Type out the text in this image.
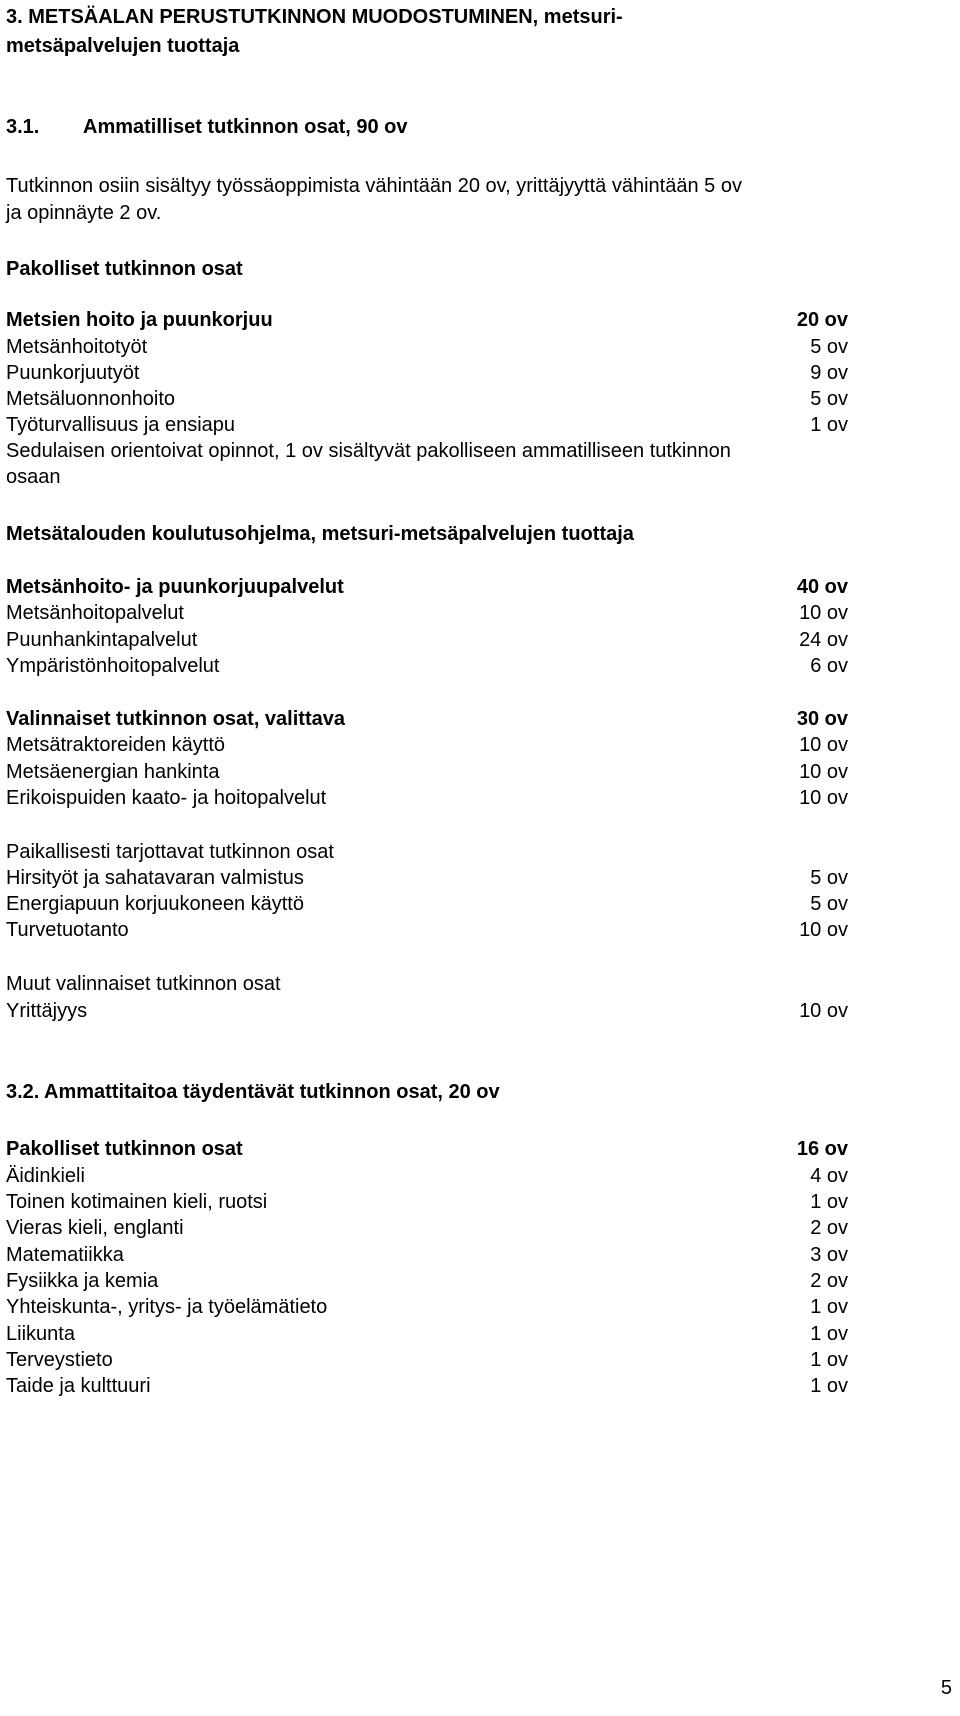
3. METSÄALAN PERUSTUTKINNON MUODOSTUMINEN, metsuri-
metsäpalvelujen tuottaja
3.1. Ammatilliset tutkinnon osat, 90 ov
Tutkinnon osiin sisältyy työssäoppimista vähintään 20 ov, yrittäjyyttä vähintään 5 ov
ja opinnäyte 2 ov.
Pakolliset tutkinnon osat
Metsien hoito ja puunkorjuu	20 ov
Metsänhoitotyöt	5 ov
Puunkorjuutyöt	9 ov
Metsäluonnonhoito	5 ov
Työturvallisuus ja ensiapu	1 ov
Sedulaisen orientoivat opinnot, 1 ov sisältyvät pakolliseen ammatilliseen tutkinnon
osaan
Metsätalouden koulutusohjelma, metsuri-metsäpalvelujen tuottaja
Metsänhoito- ja puunkorjuupalvelut	40 ov
Metsänhoitopalvelut	10 ov
Puunhankintapalvelut	24 ov
Ympäristönhoitopalvelut	6 ov
Valinnaiset tutkinnon osat, valittava	30 ov
Metsätraktoreiden käyttö	10 ov
Metsäenergian hankinta	10 ov
Erikoispuiden kaato- ja hoitopalvelut	10 ov
Paikallisesti tarjottavat tutkinnon osat
Hirsityöt ja sahatavaran valmistus	5 ov
Energiapuun korjuukoneen käyttö	5 ov
Turvetuotanto	10 ov
Muut valinnaiset tutkinnon osat
Yrittäjyys	10 ov
3.2. Ammattitaitoa täydentävät tutkinnon osat, 20 ov
Pakolliset tutkinnon osat	16 ov
Äidinkieli	4 ov
Toinen kotimainen kieli, ruotsi	1 ov
Vieras kieli, englanti	2 ov
Matematiikka	3 ov
Fysiikka ja kemia	2 ov
Yhteiskunta-, yritys- ja työelämätieto	1 ov
Liikunta	1 ov
Terveystieto	1 ov
Taide ja kulttuuri	1 ov
5
